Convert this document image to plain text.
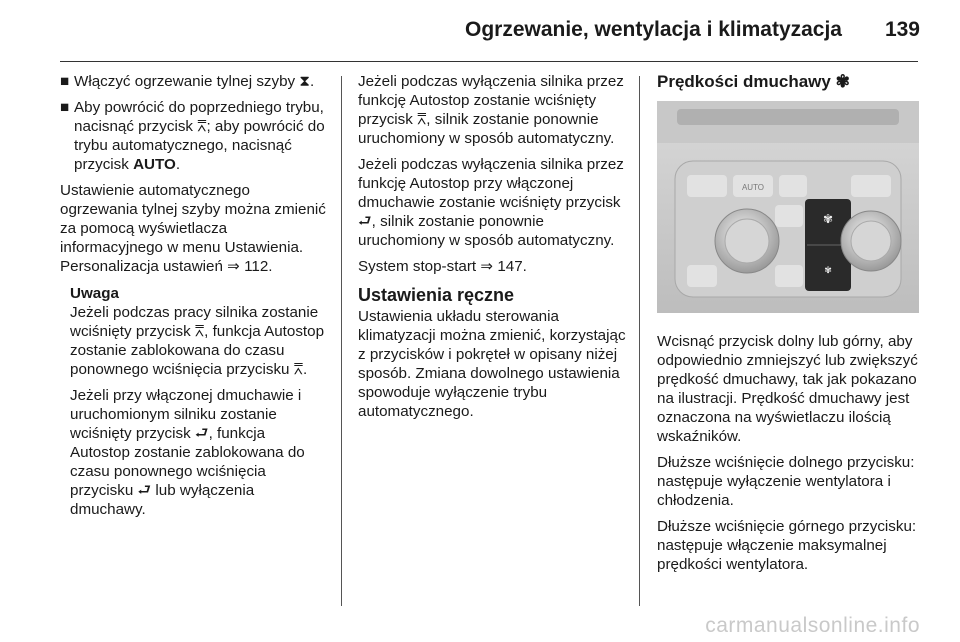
Ogrzewanie, wentylacja i klimatyzacja 139
■ Włączyć ogrzewanie tylnej szyby ⧗.
■ Aby powrócić do poprzedniego trybu, nacisnąć przycisk ⩞; aby powrócić do trybu automatycznego, nacisnąć przycisk AUTO.

Ustawienie automatycznego ogrzewania tylnej szyby można zmienić za pomocą wyświetlacza informacyjnego w menu Ustawienia. Personalizacja ustawień ⇒ 112.

Uwaga

Jeżeli podczas pracy silnika zostanie wciśnięty przycisk ⩞, funkcja Autostop zostanie zablokowana do czasu ponownego wciśnięcia przycisku ⩞.

Jeżeli przy włączonej dmuchawie i uruchomionym silniku zostanie wciśnięty przycisk ⮐, funkcja Autostop zostanie zablokowana do czasu ponownego wciśnięcia przycisku ⮐ lub wyłączenia dmuchawy.

Jeżeli podczas wyłączenia silnika przez funkcję Autostop zostanie wciśnięty przycisk ⩞, silnik zostanie ponownie uruchomiony w sposób automatyczny.

Jeżeli podczas wyłączenia silnika przez funkcję Autostop przy włączonej dmuchawie zostanie wciśnięty przycisk ⮐, silnik zostanie ponownie uruchomiony w sposób automatyczny.

System stop-start ⇒ 147.

Ustawienia ręczne

Ustawienia układu sterowania klimatyzacji można zmienić, korzystając z przycisków i pokręteł w opisany niżej sposób. Zmiana dowolnego ustawienia spowoduje wyłączenie trybu automatycznego.

Prędkości dmuchawy ✾
AUTO
✾
✾

Wcisnąć przycisk dolny lub górny, aby odpowiednio zmniejszyć lub zwiększyć prędkość dmuchawy, tak jak pokazano na ilustracji. Prędkość dmuchawy jest oznaczona na wyświetlaczu ilością wskaźników.

Dłuższe wciśnięcie dolnego przycisku: następuje wyłączenie wentylatora i chłodzenia.

Dłuższe wciśnięcie górnego przycisku: następuje włączenie maksymalnej prędkości wentylatora.

carmanualsonline.info
